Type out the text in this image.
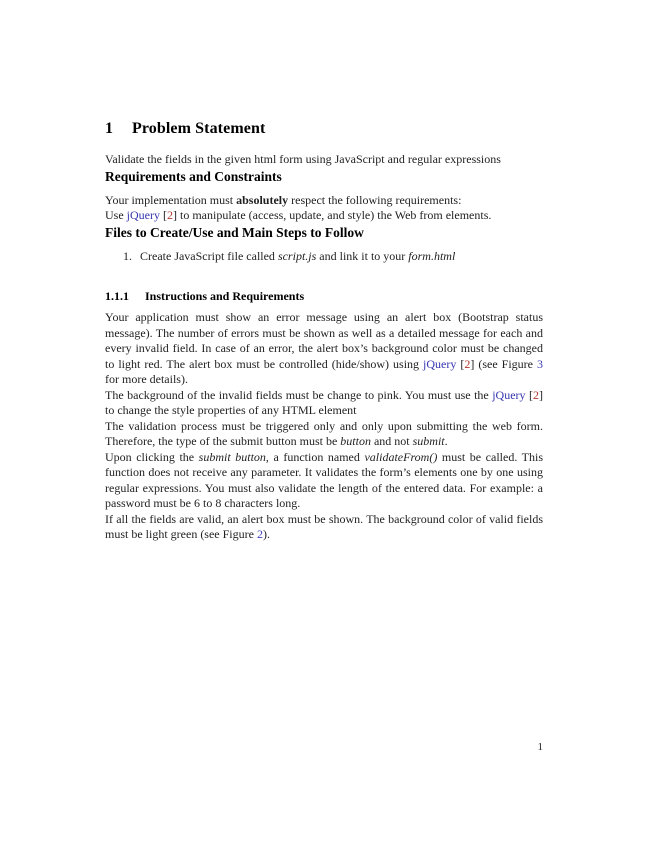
1 Problem Statement

Validate the fields in the given html form using JavaScript and regular expressions

Requirements and Constraints

Your implementation must absolutely respect the following requirements:

Use jQuery [2] to manipulate (access, update, and style) the Web from elements.

Files to Create/Use and Main Steps to Follow
1. Create JavaScript file called script.js and link it to your form.html
1.1.1 Instructions and Requirements

Your application must show an error message using an alert box (Bootstrap status message). The number of errors must be shown as well as a detailed message for each and every invalid field. In case of an error, the alert box’s background color must be changed to light red. The alert box must be controlled (hide/show) using jQuery [2] (see Figure 3 for more details).

The background of the invalid fields must be change to pink. You must use the jQuery [2] to change the style properties of any HTML element

The validation process must be triggered only and only upon submitting the web form. Therefore, the type of the submit button must be button and not submit.

Upon clicking the submit button, a function named validateFrom() must be called. This function does not receive any parameter. It validates the form’s elements one by one using regular expressions. You must also validate the length of the entered data. For example: a password must be 6 to 8 characters long.

If all the fields are valid, an alert box must be shown. The background color of valid fields must be light green (see Figure 2).

1
